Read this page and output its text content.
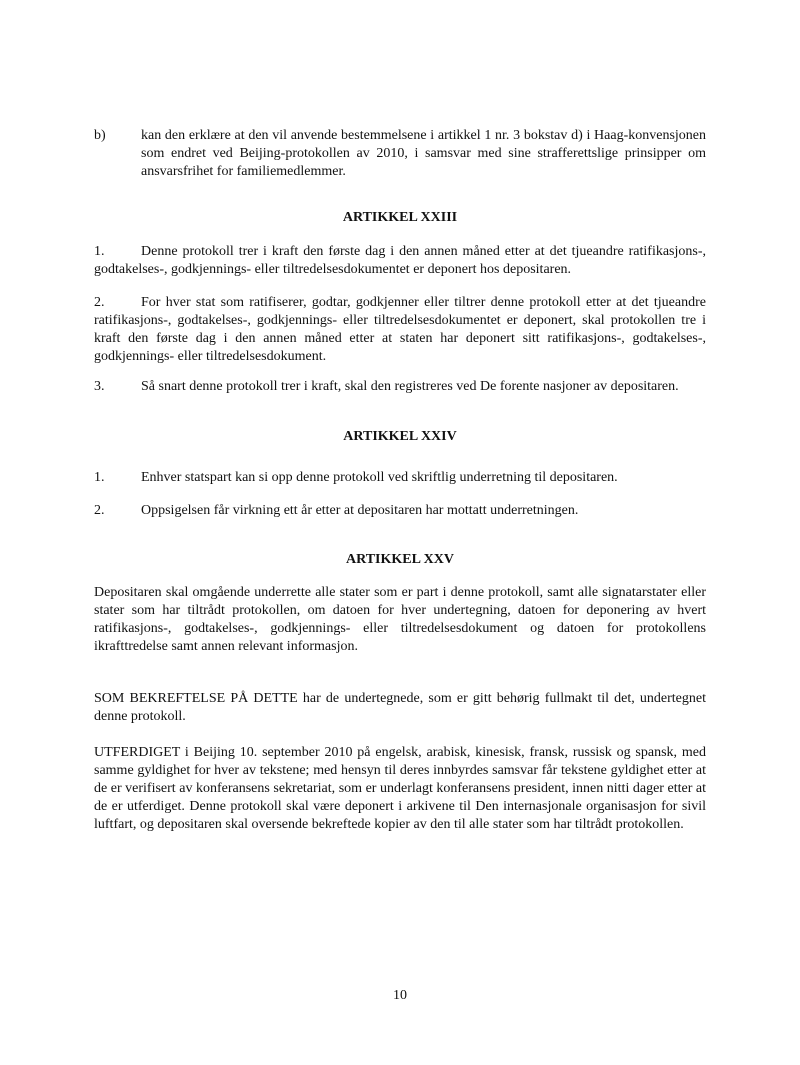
b)	kan den erklære at den vil anvende bestemmelsene i artikkel 1 nr. 3 bokstav d) i Haag-konvensjonen som endret ved Beijing-protokollen av 2010, i samsvar med sine strafferettslige prinsipper om ansvarsfrihet for familiemedlemmer.
ARTIKKEL XXIII
1.	Denne protokoll trer i kraft den første dag i den annen måned etter at det tjueandre ratifikasjons-, godtakelses-, godkjennings- eller tiltredelsesdokumentet er deponert hos depositaren.
2.	For hver stat som ratifiserer, godtar, godkjenner eller tiltrer denne protokoll etter at det tjueandre ratifikasjons-, godtakelses-, godkjennings- eller tiltredelsesdokumentet er deponert, skal protokollen tre i kraft den første dag i den annen måned etter at staten har deponert sitt ratifikasjons-, godtakelses-, godkjennings- eller tiltredelsesdokument.
3.	Så snart denne protokoll trer i kraft, skal den registreres ved De forente nasjoner av depositaren.
ARTIKKEL XXIV
1.	Enhver statspart kan si opp denne protokoll ved skriftlig underretning til depositaren.
2.	Oppsigelsen får virkning ett år etter at depositaren har mottatt underretningen.
ARTIKKEL XXV
Depositaren skal omgående underrette alle stater som er part i denne protokoll, samt alle signatarstater eller stater som har tiltrådt protokollen, om datoen for hver undertegning, datoen for deponering av hvert ratifikasjons-, godtakelses-, godkjennings- eller tiltredelsesdokument og datoen for protokollens ikrafttredelse samt annen relevant informasjon.
SOM BEKREFTELSE PÅ DETTE har de undertegnede, som er gitt behørig fullmakt til det, undertegnet denne protokoll.
UTFERDIGET i Beijing 10. september 2010 på engelsk, arabisk, kinesisk, fransk, russisk og spansk, med samme gyldighet for hver av tekstene; med hensyn til deres innbyrdes samsvar får tekstene gyldighet etter at de er verifisert av konferansens sekretariat, som er underlagt konferansens president, innen nitti dager etter at de er utferdiget. Denne protokoll skal være deponert i arkivene til Den internasjonale organisasjon for sivil luftfart, og depositaren skal oversende bekreftede kopier av den til alle stater som har tiltrådt protokollen.
10
